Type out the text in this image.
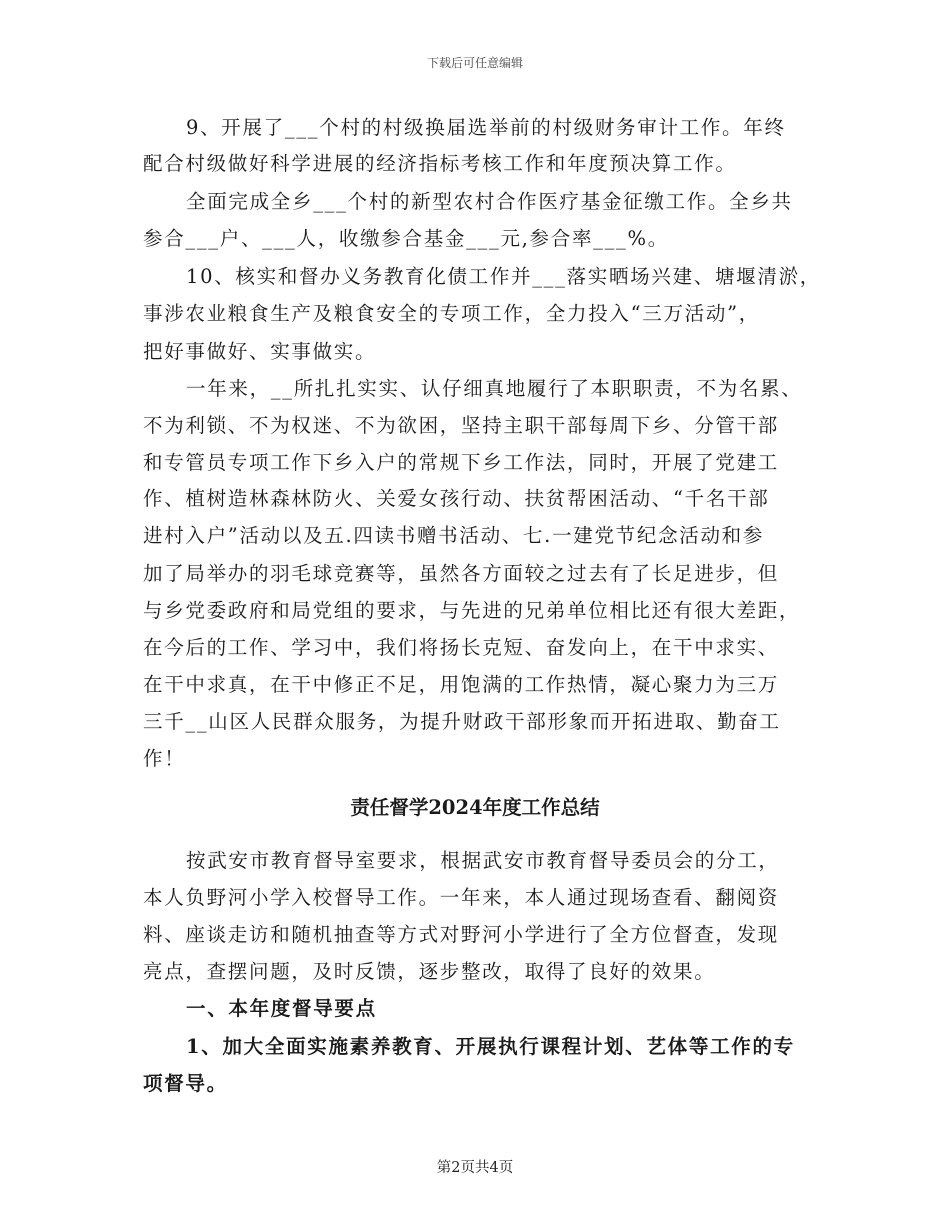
下载后可任意编辑
9、开展了___个村的村级换届选举前的村级财务审计工作。年终
配合村级做好科学进展的经济指标考核工作和年度预决算工作。
全面完成全乡___个村的新型农村合作医疗基金征缴工作。全乡共
参合___户、___人，收缴参合基金___元,参合率___%。
10、核实和督办义务教育化债工作并___落实晒场兴建、塘堰清淤，
事涉农业粮食生产及粮食安全的专项工作，全力投入“三万活动”，
把好事做好、实事做实。
一年来，__所扎扎实实、认仔细真地履行了本职职责，不为名累、
不为利锁、不为权迷、不为欲困，坚持主职干部每周下乡、分管干部
和专管员专项工作下乡入户的常规下乡工作法，同时，开展了党建工
作、植树造林森林防火、关爱女孩行动、扶贫帮困活动、“千名干部
进村入户”活动以及五.四读书赠书活动、七.一建党节纪念活动和参
加了局举办的羽毛球竞赛等，虽然各方面较之过去有了长足进步，但
与乡党委政府和局党组的要求，与先进的兄弟单位相比还有很大差距，
在今后的工作、学习中，我们将扬长克短、奋发向上，在干中求实、
在干中求真，在干中修正不足，用饱满的工作热情，凝心聚力为三万
三千__山区人民群众服务，为提升财政干部形象而开拓进取、勤奋工
作！
责任督学2024年度工作总结
按武安市教育督导室要求，根据武安市教育督导委员会的分工，
本人负野河小学入校督导工作。一年来，本人通过现场查看、翻阅资
料、座谈走访和随机抽查等方式对野河小学进行了全方位督查，发现
亮点，查摆问题，及时反馈，逐步整改，取得了良好的效果。
一、本年度督导要点
1、加大全面实施素养教育、开展执行课程计划、艺体等工作的专
项督导。
第2页共4页
